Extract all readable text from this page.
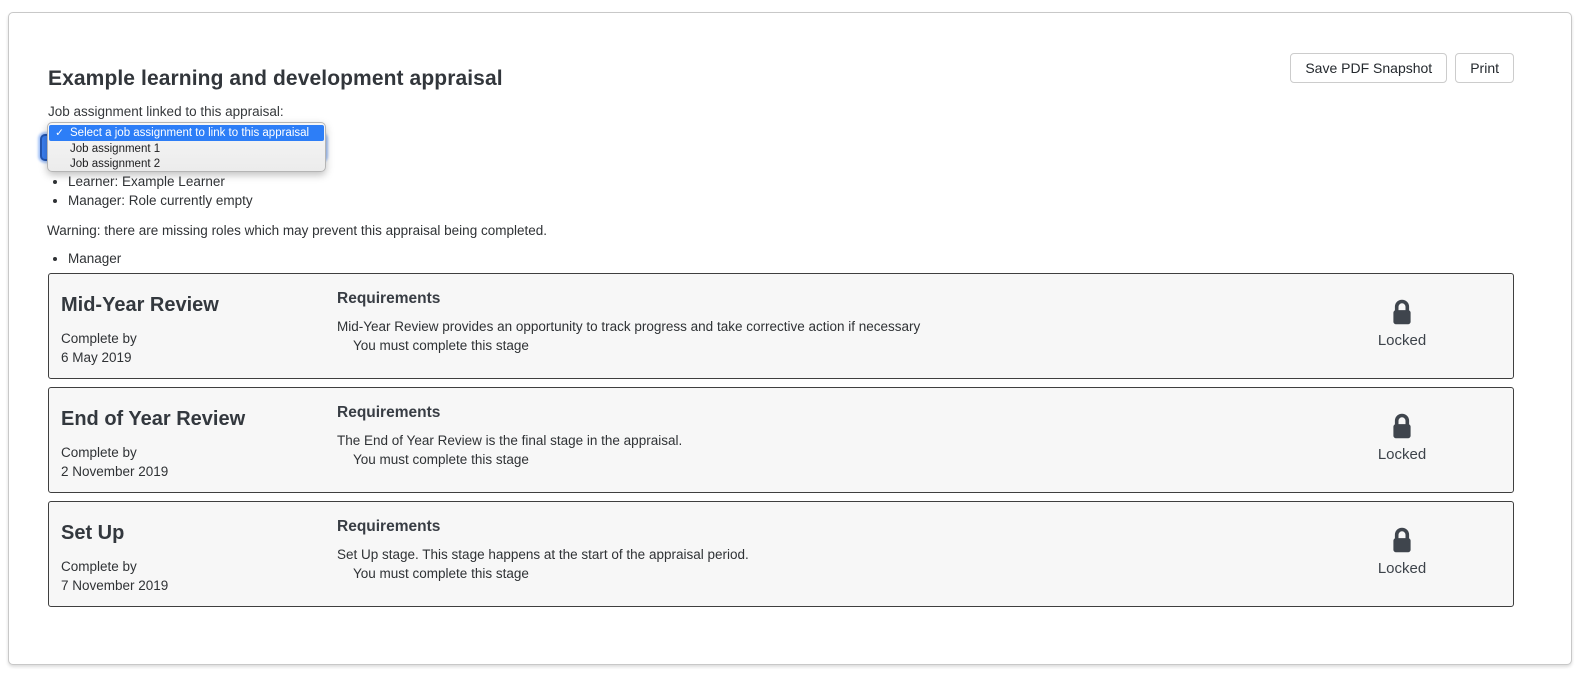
Save PDF Snapshot	Print
Example learning and development appraisal
Job assignment linked to this appraisal:
✓ Select a job assignment to link to this appraisal
Job assignment 1
Job assignment 2
• Learner: Example Learner
• Manager: Role currently empty
Warning: there are missing roles which may prevent this appraisal being completed.
• Manager
Mid-Year Review
Complete by
6 May 2019
Requirements

Mid-Year Review provides an opportunity to track progress and take corrective action if necessary

You must complete this stage	Locked
End of Year Review
Complete by
2 November 2019
Requirements

The End of Year Review is the final stage in the appraisal.

You must complete this stage	Locked
Set Up
Complete by
7 November 2019
Requirements

Set Up stage. This stage happens at the start of the appraisal period.

You must complete this stage	Locked
